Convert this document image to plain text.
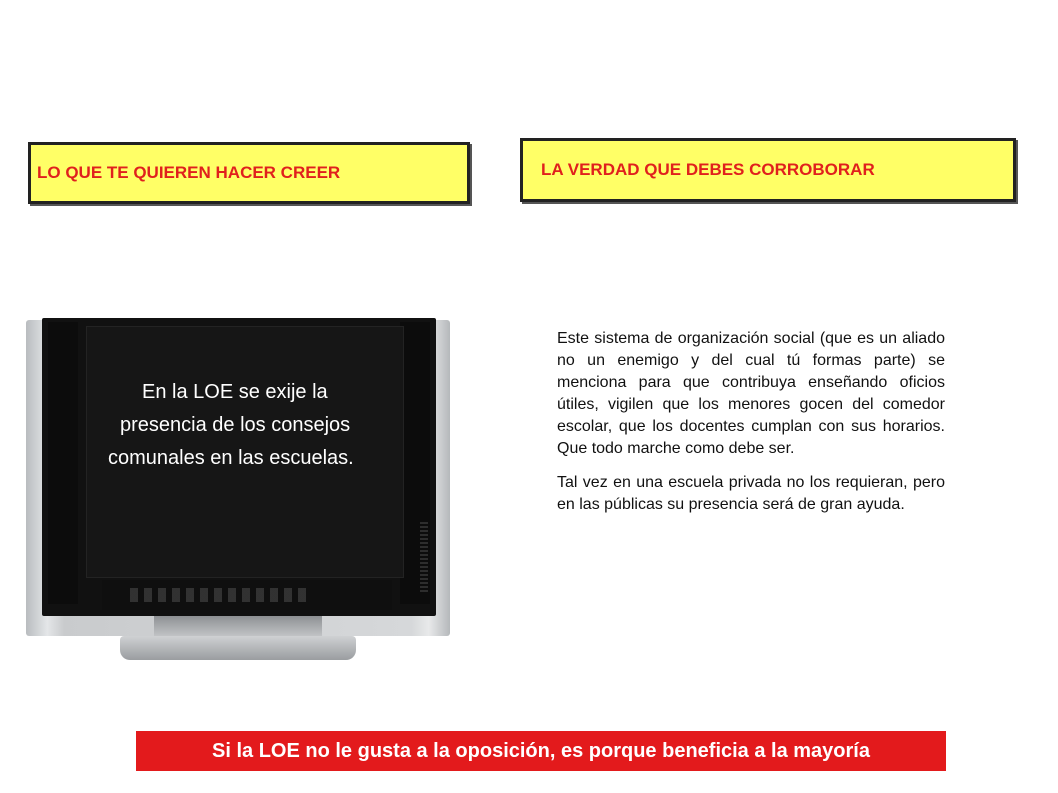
LO QUE TE QUIEREN HACER CREER	LA VERDAD QUE DEBES CORROBORAR
En la LOE se exije la
presencia de los consejos
comunales en las escuelas.

Este sistema de organización social (que es un aliado no un enemigo y del cual tú formas parte) se menciona para que contribuya enseñando oficios útiles, vigilen que los menores gocen del comedor escolar, que los docentes cumplan con sus horarios. Que todo marche como debe ser.

Tal vez en una escuela privada no los requieran, pero en las públicas su presencia será de gran ayuda.

Si la LOE no le gusta a la oposición, es porque beneficia a la mayoría
